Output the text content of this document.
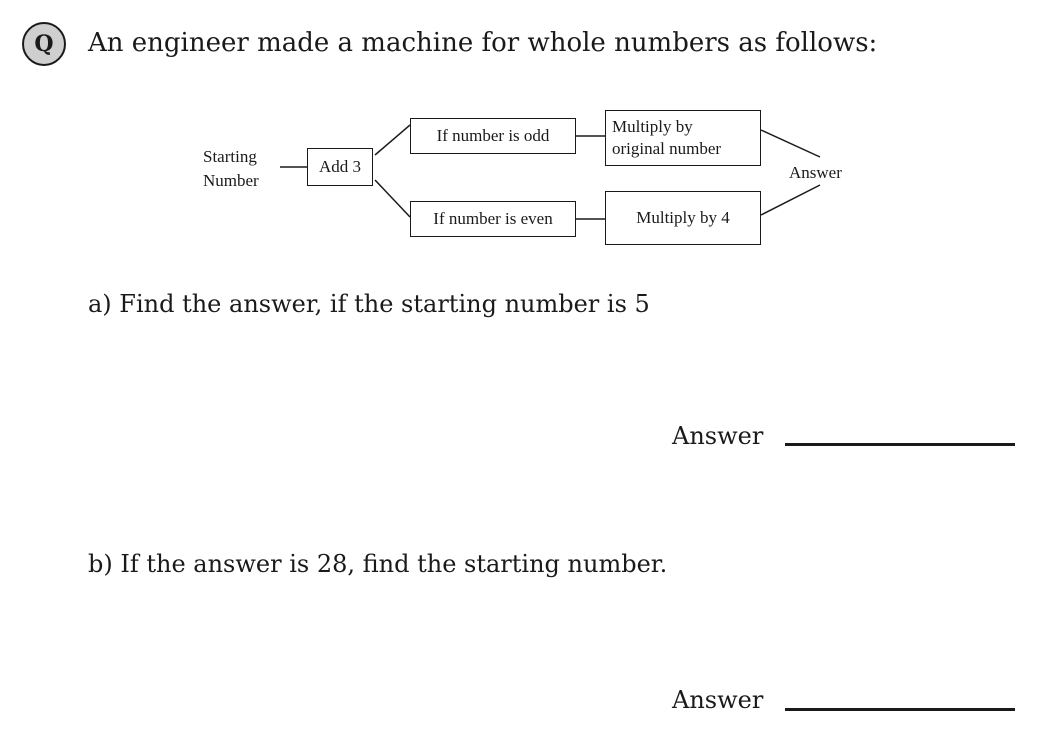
Q	An engineer made a machine for whole numbers as follows:
Starting
Number
Add 3
If number is odd
If number is even
Multiply by
original number
Multiply by 4
Answer
a) Find the answer, if the starting number is 5
Answer
b) If the answer is 28, find the starting number.
Answer
